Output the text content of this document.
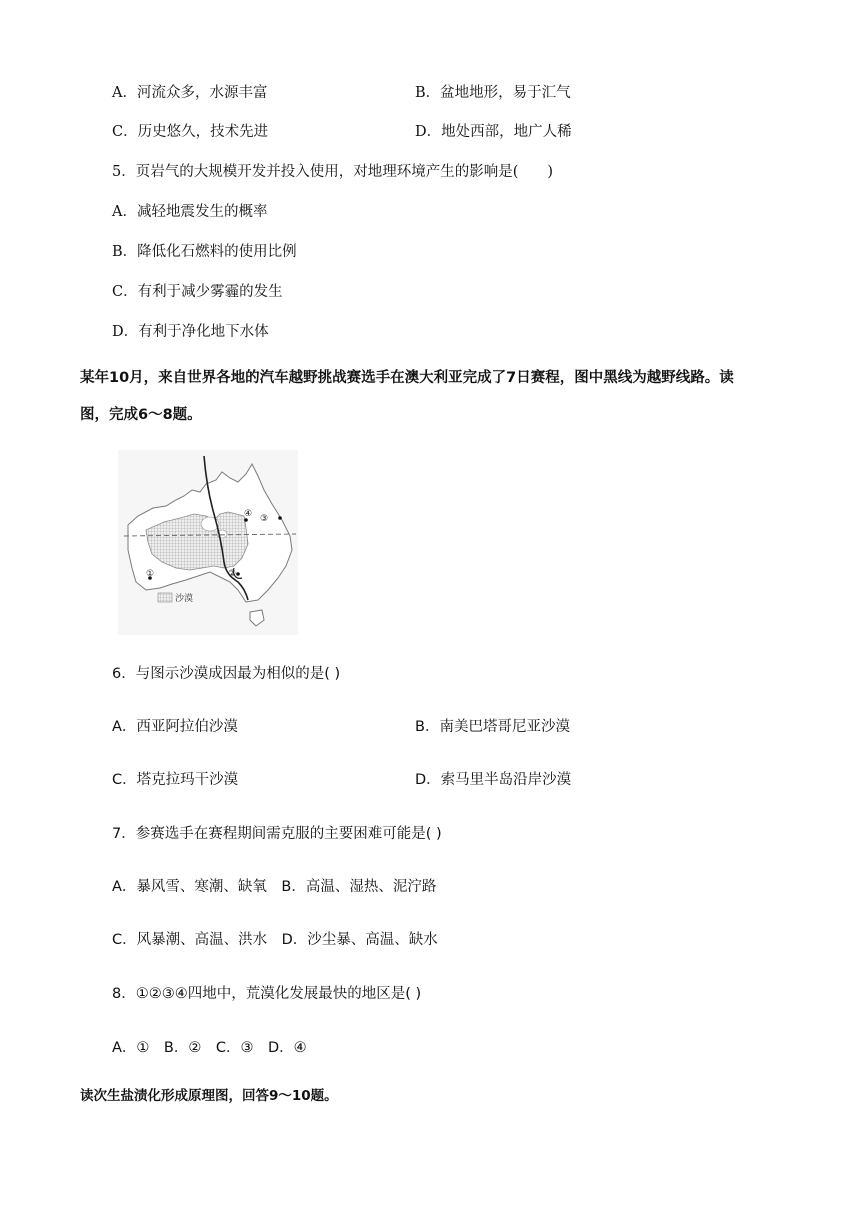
A．河流众多，水源丰富	B．盆地地形，易于汇气
C．历史悠久，技术先进	D．地处西部，地广人稀
5．页岩气的大规模开发并投入使用，对地理环境产生的影响是(　　)
A．减轻地震发生的概率
B．降低化石燃料的使用比例
C．有利于减少雾霾的发生
D．有利于净化地下水体
某年10月，来自世界各地的汽车越野挑战赛选手在澳大利亚完成了7日赛程，图中黑线为越野线路。读
图，完成6～8题。
①	②
③
④
沙漠
6．与图示沙漠成因最为相似的是( )
A．西亚阿拉伯沙漠	B．南美巴塔哥尼亚沙漠
C．塔克拉玛干沙漠	D．索马里半岛沿岸沙漠
7．参赛选手在赛程期间需克服的主要困难可能是( )
A．暴风雪、寒潮、缺氧　B．高温、湿热、泥泞路
C．风暴潮、高温、洪水　D．沙尘暴、高温、缺水
8．①②③④四地中，荒漠化发展最快的地区是( )
A．①　B．②　C．③　D．④
读次生盐渍化形成原理图，回答9～10题。
